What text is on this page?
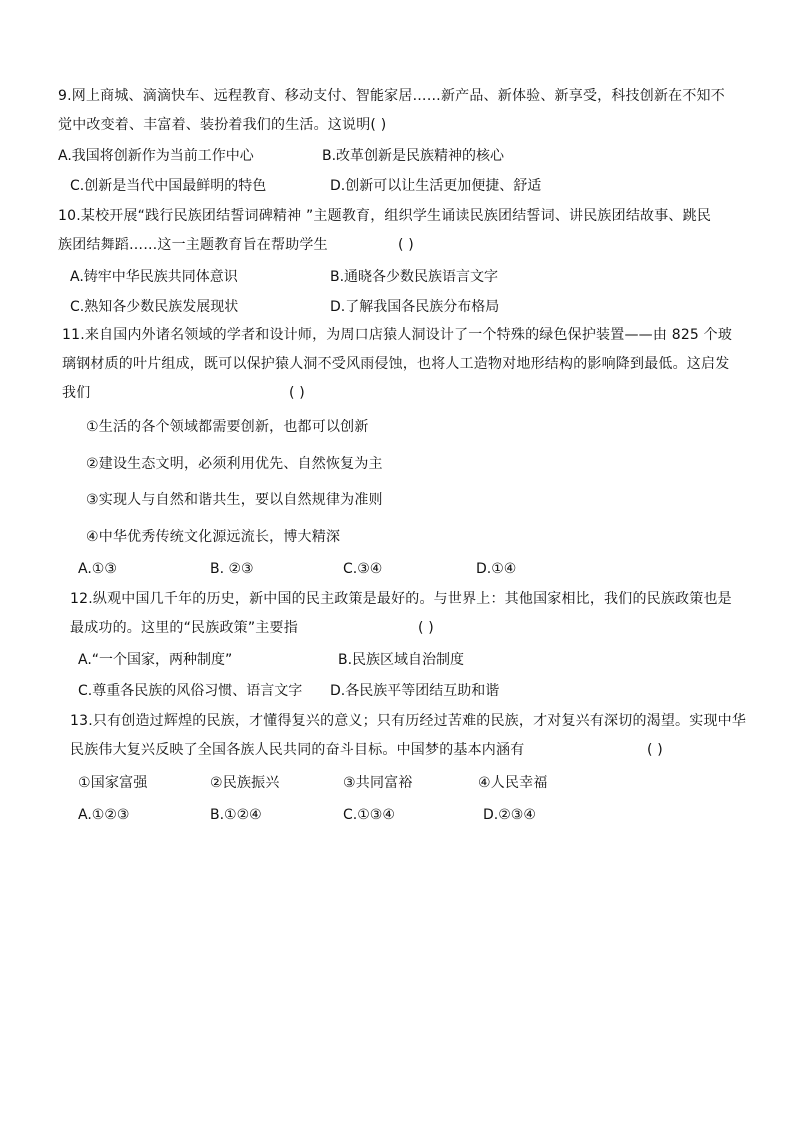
9.网上商城、滴滴快车、远程教育、移动支付、智能家居……新产品、新体验、新享受，科技创新在不知不
觉中改变着、丰富着、装扮着我们的生活。这说明( )
A.我国将创新作为当前工作中心	B.改革创新是民族精神的核心
C.创新是当代中国最鲜明的特色	D.创新可以让生活更加便捷、舒适
10.某校开展“践行民族团结誓词碑精神 ”主题教育，组织学生诵读民族团结誓词、讲民族团结故事、跳民
族团结舞蹈……这一主题教育旨在帮助学生	( )
A.铸牢中华民族共同体意识	B.通晓各少数民族语言文字
C.熟知各少数民族发展现状	D.了解我国各民族分布格局
11.来自国内外诸名领域的学者和设计师，为周口店猿人洞设计了一个特殊的绿色保护装置——由 825 个玻
璃钢材质的叶片组成，既可以保护猿人洞不受风雨侵蚀，也将人工造物对地形结构的影响降到最低。这启发
我们	( )
①生活的各个领域都需要创新，也都可以创新
②建设生态文明，必须利用优先、自然恢复为主
③实现人与自然和谐共生，要以自然规律为准则
④中华优秀传统文化源远流长，博大精深
A.①③	B. ②③	C.③④	D.①④
12.纵观中国几千年的历史，新中国的民主政策是最好的。与世界上：其他国家相比，我们的民族政策也是
最成功的。这里的“民族政策”主要指	( )
A.“一个国家，两种制度”	B.民族区域自治制度
C.尊重各民族的风俗习惯、语言文字 D.各民族平等团结互助和谐
13.只有创造过辉煌的民族，才懂得复兴的意义；只有历经过苦难的民族，才对复兴有深切的渴望。实现中华
民族伟大复兴反映了全国各族人民共同的奋斗目标。中国梦的基本内涵有	( )
①国家富强	②民族振兴	③共同富裕	④人民幸福
A.①②③	B.①②④	C.①③④	D.②③④
